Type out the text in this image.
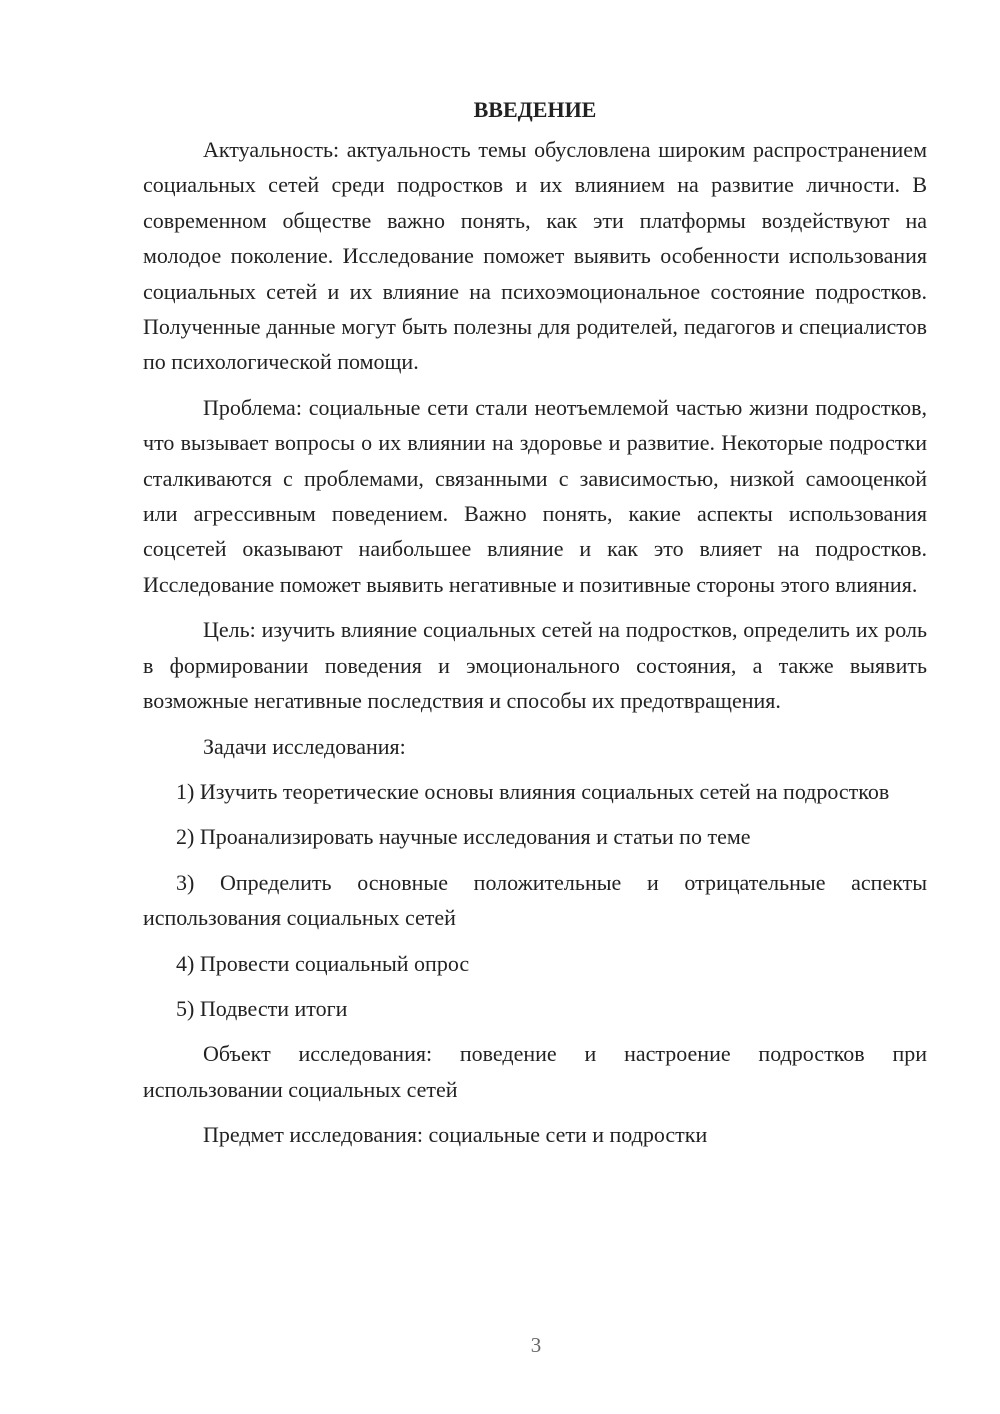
ВВЕДЕНИЕ

Актуальность: актуальность темы обусловлена широким распространением социальных сетей среди подростков и их влиянием на развитие личности. В современном обществе важно понять, как эти платформы воздействуют на молодое поколение. Исследование поможет выявить особенности использования социальных сетей и их влияние на психоэмоциональное состояние подростков. Полученные данные могут быть полезны для родителей, педагогов и специалистов по психологической помощи.

Проблема: социальные сети стали неотъемлемой частью жизни подростков, что вызывает вопросы о их влиянии на здоровье и развитие. Некоторые подростки сталкиваются с проблемами, связанными с зависимостью, низкой самооценкой или агрессивным поведением. Важно понять, какие аспекты использования соцсетей оказывают наибольшее влияние и как это влияет на подростков. Исследование поможет выявить негативные и позитивные стороны этого влияния.

Цель: изучить влияние социальных сетей на подростков, определить их роль в формировании поведения и эмоционального состояния, а также выявить возможные негативные последствия и способы их предотвращения.

Задачи исследования:

1) Изучить теоретические основы влияния социальных сетей на подростков

2) Проанализировать научные исследования и статьи по теме

3) Определить основные положительные и отрицательные аспекты использования социальных сетей

4) Провести социальный опрос

5) Подвести итоги

Объект исследования: поведение и настроение подростков при использовании социальных сетей

Предмет исследования: социальные сети и подростки

3
